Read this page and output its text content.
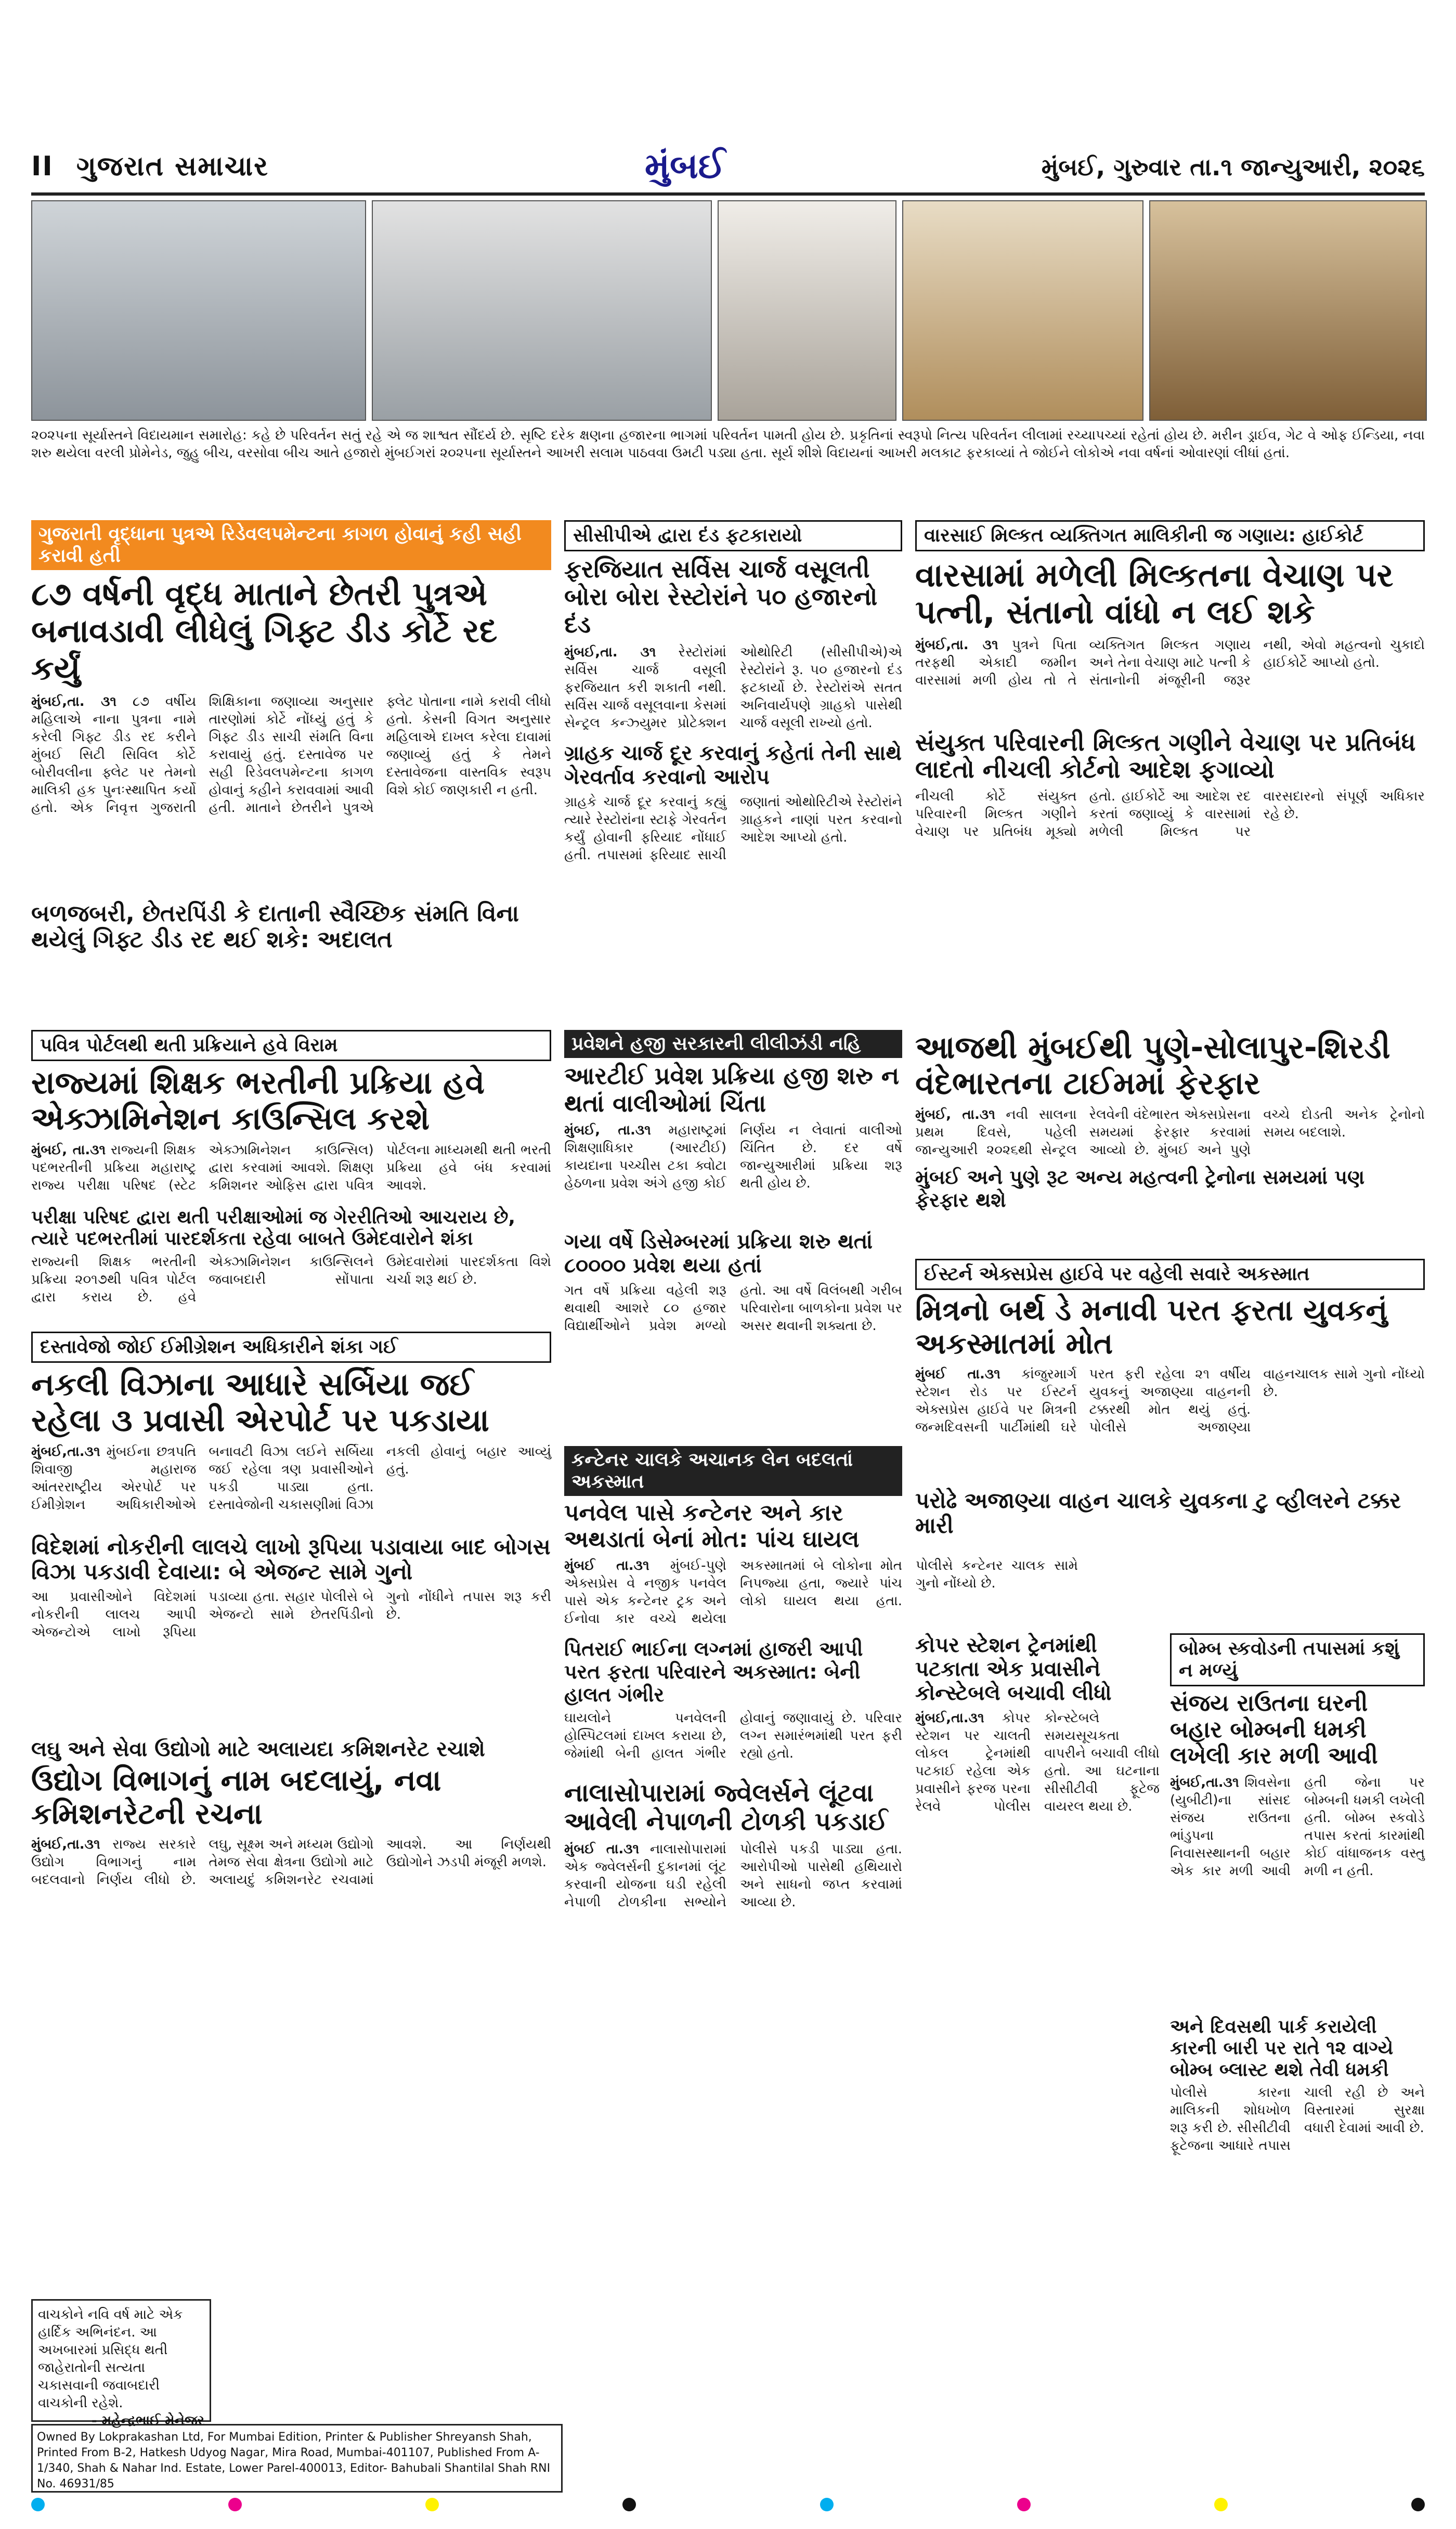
II ગુજરાત સમાચાર	મુંબઈ	મુંબઈ, ગુરુવાર તા.૧ જાન્યુઆરી, ૨૦૨૬
૨૦૨૫ના સૂર્યાસ્તને વિદાયમાન સમારોહ: કહે છે પરિવર્તન સતું રહે એ જ શાશ્વત સૌંદર્ય છે. સૃષ્ટિ દરેક ક્ષણના હજારના ભાગમાં પરિવર્તન પામતી હોય છે. પ્રકૃતિનાં સ્વરૂપો નિત્ય પરિવર્તન લીલામાં રચ્યાપચ્યાં રહેતાં હોય છે. મરીન ડ્રાઈવ, ગેટ વે ઓફ ઈન્ડિયા, નવા શરુ થયેલા વરલી પ્રોમેનેડ, જુહુ બીચ, વરસોવા બીચ આતે હજારો મુંબઈગરાં ૨૦૨૫ના સૂર્યાસ્તને આખરી સલામ પાઠવવા ઉમટી પડ્યા હતા. સૂર્ય શીશે વિદાયનાં આખરી મલકાટ ફરકાવ્યાં તે જોઈને લોકોએ નવા વર્ષનાં ઓવારણાં લીધાં હતાં.
ગુજરાતી વૃદ્ધાના પુત્રએ રિડેવલપમેન્ટના કાગળ હોવાનું કહી સહી કરાવી હતી
૮૭ વર્ષની વૃદ્ધ માતાને છેતરી પુત્રએ બનાવડાવી લીધેલું ગિફ્ટ ડીડ કોર્ટે રદ કર્યું
મુંબઈ,તા. ૩૧ ૮૭ વર્ષીય મહિલાએ નાના પુત્રના નામે કરેલી ગિફ્ટ ડીડ રદ કરીને મુંબઈ સિટી સિવિલ કોર્ટે બોરીવલીના ફ્લેટ પર તેમનો માલિકી હક પુનઃસ્થાપિત કર્યો હતો. એક નિવૃત્ત ગુજરાતી શિક્ષિકાના જણાવ્યા અનુસાર તારણોમાં કોર્ટે નોંધ્યું હતું કે ગિફ્ટ ડીડ સાચી સંમતિ વિના કરાવાયું હતું. દસ્તાવેજ પર સહી રિડેવલપમેન્ટના કાગળ હોવાનું કહીને કરાવવામાં આવી હતી. માતાને છેતરીને પુત્રએ ફ્લેટ પોતાના નામે કરાવી લીધો હતો. કેસની વિગત અનુસાર મહિલાએ દાખલ કરેલા દાવામાં જણાવ્યું હતું કે તેમને દસ્તાવેજના વાસ્તવિક સ્વરૂપ વિશે કોઈ જાણકારી ન હતી.
બળજબરી, છેતરપિંડી કે દાતાની સ્વૈચ્છિક સંમતિ વિના થયેલું ગિફ્ટ ડીડ રદ થઈ શકે: અદાલત
સીસીપીએ દ્વારા દંડ ફટકારાયો
ફરજિયાત સર્વિસ ચાર્જ વસૂલતી બોરા બોરા રેસ્ટોરાંને ૫૦ હજારનો દંડ
મુંબઈ,તા. ૩૧ રેસ્ટોરાંમાં સર્વિસ ચાર્જ વસૂલી ફરજિયાત કરી શકાતી નથી. સર્વિસ ચાર્જ વસૂલવાના કેસમાં સેન્ટ્રલ કન્ઝ્યુમર પ્રોટેક્શન ઓથોરિટી (સીસીપીએ)એ રેસ્ટોરાંને રૂ. ૫૦ હજારનો દંડ ફટકાર્યો છે. રેસ્ટોરાંએ સતત અનિવાર્યપણે ગ્રાહકો પાસેથી ચાર્જ વસૂલી રાખ્યો હતો.
ગ્રાહક ચાર્જ દૂર કરવાનું કહેતાં તેની સાથે ગેરવર્તાવ કરવાનો આરોપ
ગ્રાહકે ચાર્જ દૂર કરવાનું કહ્યું ત્યારે રેસ્ટોરાંના સ્ટાફે ગેરવર્તન કર્યું હોવાની ફરિયાદ નોંધાઈ હતી. તપાસમાં ફરિયાદ સાચી જણાતાં ઓથોરિટીએ રેસ્ટોરાંને ગ્રાહકને નાણાં પરત કરવાનો આદેશ આપ્યો હતો.
વારસાઈ મિલ્કત વ્યક્તિગત માલિકીની જ ગણાય: હાઈકોર્ટ
વારસામાં મળેલી મિલ્કતના વેચાણ પર પત્ની, સંતાનો વાંધો ન લઈ શકે
મુંબઈ,તા. ૩૧ પુત્રને પિતા તરફથી એકાદી જમીન વારસામાં મળી હોય તો તે વ્યક્તિગત મિલ્કત ગણાય અને તેના વેચાણ માટે પત્ની કે સંતાનોની મંજૂરીની જરૂર નથી, એવો મહત્વનો ચુકાદો હાઈકોર્ટે આપ્યો હતો.
સંયુક્ત પરિવારની મિલ્કત ગણીને વેચાણ પર પ્રતિબંધ લાદતો નીચલી કોર્ટનો આદેશ ફગાવ્યો
નીચલી કોર્ટે સંયુક્ત પરિવારની મિલ્કત ગણીને વેચાણ પર પ્રતિબંધ મૂક્યો હતો. હાઈકોર્ટે આ આદેશ રદ કરતાં જણાવ્યું કે વારસામાં મળેલી મિલ્કત પર વારસદારનો સંપૂર્ણ અધિકાર રહે છે.
પવિત્ર પોર્ટલથી થતી પ્રક્રિયાને હવે વિરામ
રાજ્યમાં શિક્ષક ભરતીની પ્રક્રિયા હવે એક્ઝામિનેશન કાઉન્સિલ કરશે
મુંબઈ, તા.૩૧ રાજ્યની શિક્ષક પદભરતીની પ્રક્રિયા મહારાષ્ટ્ર રાજ્ય પરીક્ષા પરિષદ (સ્ટેટ એક્ઝામિનેશન કાઉન્સિલ) દ્વારા કરવામાં આવશે. શિક્ષણ કમિશનર ઓફિસ દ્વારા પવિત્ર પોર્ટલના માધ્યમથી થતી ભરતી પ્રક્રિયા હવે બંધ કરવામાં આવશે.
પરીક્ષા પરિષદ દ્વારા થતી પરીક્ષાઓમાં જ ગેરરીતિઓ આચરાય છે, ત્યારે પદભરતીમાં પારદર્શકતા રહેવા બાબતે ઉમેદવારોને શંકા
રાજ્યની શિક્ષક ભરતીની પ્રક્રિયા ૨૦૧૭થી પવિત્ર પોર્ટલ દ્વારા કરાય છે. હવે એક્ઝામિનેશન કાઉન્સિલને જવાબદારી સોંપાતા ઉમેદવારોમાં પારદર્શકતા વિશે ચર્ચા શરૂ થઈ છે.
પ્રવેશને હજી સરકારની લીલીઝંડી નહિ
આરટીઈ પ્રવેશ પ્રક્રિયા હજી શરુ ન થતાં વાલીઓમાં ચિંતા
મુંબઈ, તા.૩૧ મહારાષ્ટ્રમાં શિક્ષણાધિકાર (આરટીઈ) કાયદાના પચ્ચીસ ટકા ક્વોટા હેઠળના પ્રવેશ અંગે હજી કોઈ નિર્ણય ન લેવાતાં વાલીઓ ચિંતિત છે. દર વર્ષે જાન્યુઆરીમાં પ્રક્રિયા શરૂ થતી હોય છે.
ગયા વર્ષે ડિસેમ્બરમાં પ્રક્રિયા શરુ થતાં ૮૦૦૦૦ પ્રવેશ થયા હતાં
ગત વર્ષે પ્રક્રિયા વહેલી શરૂ થવાથી આશરે ૮૦ હજાર વિદ્યાર્થીઓને પ્રવેશ મળ્યો હતો. આ વર્ષે વિલંબથી ગરીબ પરિવારોના બાળકોના પ્રવેશ પર અસર થવાની શક્યતા છે.
આજથી મુંબઈથી પુણે-સોલાપુર-શિરડી વંદેભારતના ટાઈમમાં ફેરફાર
મુંબઈ, તા.૩૧ નવી સાલના પ્રથમ દિવસે, પહેલી જાન્યુઆરી ૨૦૨૬થી સેન્ટ્રલ રેલવેની વંદેભારત એક્સપ્રેસના સમયમાં ફેરફાર કરવામાં આવ્યો છે. મુંબઈ અને પુણે વચ્ચે દોડતી અનેક ટ્રેનોનો સમય બદલાશે.
મુંબઈ અને પુણે રૂટ અન્ય મહત્વની ટ્રેનોના સમયમાં પણ ફેરફાર થશે
ઈસ્ટર્ન એક્સપ્રેસ હાઈવે પર વહેલી સવારે અકસ્માત
મિત્રનો બર્થ ડે મનાવી પરત ફરતા યુવકનું અકસ્માતમાં મોત
મુંબઈ તા.૩૧ કાંજુરમાર્ગ સ્ટેશન રોડ પર ઈસ્ટર્ન એક્સપ્રેસ હાઈવે પર મિત્રની જન્મદિવસની પાર્ટીમાંથી ઘરે પરત ફરી રહેલા ૨૧ વર્ષીય યુવકનું અજાણ્યા વાહનની ટક્કરથી મોત થયું હતું. પોલીસે અજાણ્યા વાહનચાલક સામે ગુનો નોંધ્યો છે.
પરોઢે અજાણ્યા વાહન ચાલકે યુવકના ટુ વ્હીલરને ટક્કર મારી
દસ્તાવેજો જોઈ ઈમીગ્રેશન અધિકારીને શંકા ગઈ
નકલી વિઝાના આધારે સર્બિયા જઈ રહેલા ૩ પ્રવાસી એરપોર્ટ પર પકડાયા
મુંબઈ,તા.૩૧ મુંબઈના છત્રપતિ શિવાજી મહારાજ આંતરરાષ્ટ્રીય એરપોર્ટ પર ઈમીગ્રેશન અધિકારીઓએ બનાવટી વિઝા લઈને સર્બિયા જઈ રહેલા ત્રણ પ્રવાસીઓને પકડી પાડ્યા હતા. દસ્તાવેજોની ચકાસણીમાં વિઝા નકલી હોવાનું બહાર આવ્યું હતું.
વિદેશમાં નોકરીની લાલચે લાખો રૂપિયા પડાવાયા બાદ બોગસ વિઝા પકડાવી દેવાયા: બે એજન્ટ સામે ગુનો
આ પ્રવાસીઓને વિદેશમાં નોકરીની લાલચ આપી એજન્ટોએ લાખો રૂપિયા પડાવ્યા હતા. સહાર પોલીસે બે એજન્ટો સામે છેતરપિંડીનો ગુનો નોંધીને તપાસ શરૂ કરી છે.
કન્ટેનર ચાલકે અચાનક લેન બદલતાં અકસ્માત
પનવેલ પાસે કન્ટેનર અને કાર અથડાતાં બેનાં મોત: પાંચ ઘાયલ
મુંબઈ તા.૩૧ મુંબઈ-પુણે એક્સપ્રેસ વે નજીક પનવેલ પાસે એક કન્ટેનર ટ્રક અને ઈનોવા કાર વચ્ચે થયેલા અકસ્માતમાં બે લોકોના મોત નિપજ્યા હતા, જ્યારે પાંચ લોકો ઘાયલ થયા હતા. પોલીસે કન્ટેનર ચાલક સામે ગુનો નોંધ્યો છે.
પિતરાઈ ભાઈના લગ્નમાં હાજરી આપી પરત ફરતા પરિવારને અકસ્માત: બેની હાલત ગંભીર
ઘાયલોને પનવેલની હોસ્પિટલમાં દાખલ કરાયા છે, જેમાંથી બેની હાલત ગંભીર હોવાનું જણાવાયું છે. પરિવાર લગ્ન સમારંભમાંથી પરત ફરી રહ્યો હતો.
કોપર સ્ટેશન ટ્રેનમાંથી પટકાતા એક પ્રવાસીને કોન્સ્ટેબલે બચાવી લીધો
મુંબઈ,તા.૩૧ કોપર સ્ટેશન પર ચાલતી લોકલ ટ્રેનમાંથી પટકાઈ રહેલા એક પ્રવાસીને ફરજ પરના રેલવે પોલીસ કોન્સ્ટેબલે સમયસૂચકતા વાપરીને બચાવી લીધો હતો. આ ઘટનાના સીસીટીવી ફૂટેજ વાયરલ થયા છે.
બોમ્બ સ્કવોડની તપાસમાં કશું ન મળ્યું
સંજય રાઉતના ઘરની બહાર બોમ્બની ધમકી લખેલી કાર મળી આવી
મુંબઈ,તા.૩૧ શિવસેના (યુબીટી)ના સાંસદ સંજય રાઉતના ભાંડુપના નિવાસસ્થાનની બહાર એક કાર મળી આવી હતી જેના પર બોમ્બની ધમકી લખેલી હતી. બોમ્બ સ્કવોડે તપાસ કરતાં કારમાંથી કોઈ વાંધાજનક વસ્તુ મળી ન હતી.
અને દિવસથી પાર્ક કરાયેલી કારની બારી પર રાતે ૧૨ વાગ્યે બોમ્બ બ્લાસ્ટ થશે તેવી ધમકી
પોલીસે કારના માલિકની શોધખોળ શરૂ કરી છે. સીસીટીવી ફૂટેજના આધારે તપાસ ચાલી રહી છે અને વિસ્તારમાં સુરક્ષા વધારી દેવામાં આવી છે.
લઘુ અને સેવા ઉદ્યોગો માટે અલાયદા કમિશનરેટ રચાશે
ઉદ્યોગ વિભાગનું નામ બદલાયું, નવા કમિશનરેટની રચના
મુંબઈ,તા.૩૧ રાજ્ય સરકારે ઉદ્યોગ વિભાગનું નામ બદલવાનો નિર્ણય લીધો છે. લઘુ, સૂક્ષ્મ અને મધ્યમ ઉદ્યોગો તેમજ સેવા ક્ષેત્રના ઉદ્યોગો માટે અલાયદું કમિશનરેટ રચવામાં આવશે. આ નિર્ણયથી ઉદ્યોગોને ઝડપી મંજૂરી મળશે.
નાલાસોપારામાં જ્વેલર્સને લૂંટવા આવેલી નેપાળની ટોળકી પકડાઈ
મુંબઈ તા.૩૧ નાલાસોપારામાં એક જ્વેલર્સની દુકાનમાં લૂંટ કરવાની યોજના ઘડી રહેલી નેપાળી ટોળકીના સભ્યોને પોલીસે પકડી પાડ્યા હતા. આરોપીઓ પાસેથી હથિયારો અને સાધનો જપ્ત કરવામાં આવ્યા છે.
વાચકોને નવિ વર્ષ માટે એક હાર્દિક અભિનંદન. આ અખબારમાં પ્રસિદ્ધ થતી જાહેરાતોની સત્યતા ચકાસવાની જવાબદારી વાચકોની રહેશે.
- મહેન્દ્રભાઈ મેનેજર
Owned By Lokprakashan Ltd, For Mumbai Edition, Printer & Publisher Shreyansh Shah, Printed From B-2, Hatkesh Udyog Nagar, Mira Road, Mumbai-401107, Published From A-1/340, Shah & Nahar Ind. Estate, Lower Parel-400013, Editor- Bahubali Shantilal Shah RNI No. 46931/85
